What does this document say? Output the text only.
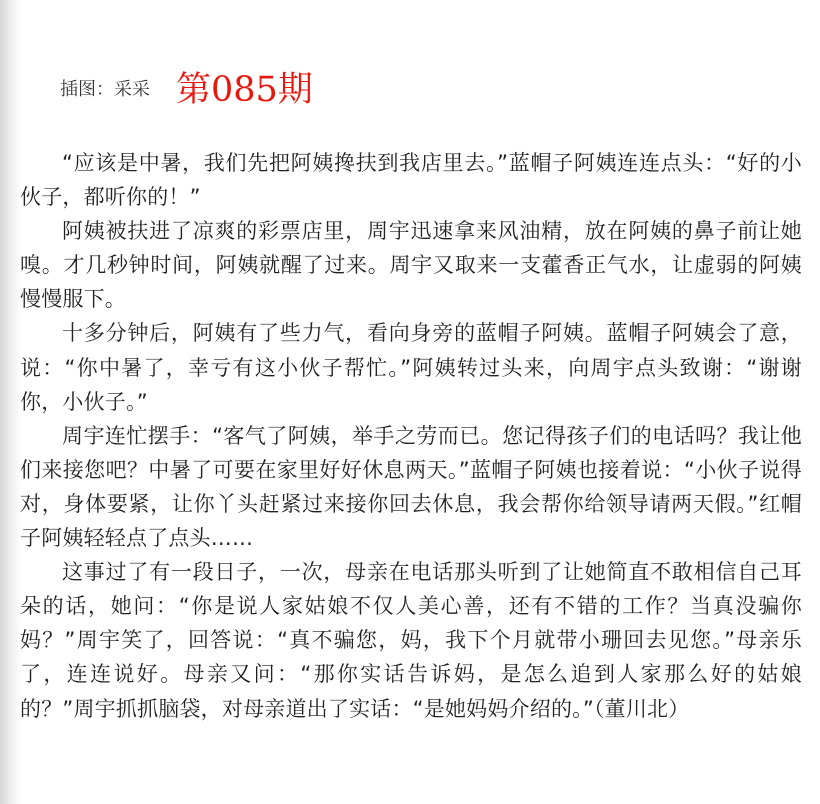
插图：采采 第085期

“应该是中暑，我们先把阿姨搀扶到我店里去。”蓝帽子阿姨连连点头：“好的小伙子，都听你的！”

阿姨被扶进了凉爽的彩票店里，周宇迅速拿来风油精，放在阿姨的鼻子前让她嗅。才几秒钟时间，阿姨就醒了过来。周宇又取来一支藿香正气水，让虚弱的阿姨慢慢服下。

十多分钟后，阿姨有了些力气，看向身旁的蓝帽子阿姨。蓝帽子阿姨会了意，说：“你中暑了，幸亏有这小伙子帮忙。”阿姨转过头来，向周宇点头致谢：“谢谢你，小伙子。”

周宇连忙摆手：“客气了阿姨，举手之劳而已。您记得孩子们的电话吗？我让他们来接您吧？中暑了可要在家里好好休息两天。”蓝帽子阿姨也接着说：“小伙子说得对，身体要紧，让你丫头赶紧过来接你回去休息，我会帮你给领导请两天假。”红帽子阿姨轻轻点了点头……

这事过了有一段日子，一次，母亲在电话那头听到了让她简直不敢相信自己耳朵的话，她问：“你是说人家姑娘不仅人美心善，还有不错的工作？当真没骗你妈？”周宇笑了，回答说：“真不骗您，妈，我下个月就带小珊回去见您。”母亲乐了，连连说好。母亲又问：“那你实话告诉妈，是怎么追到人家那么好的姑娘的？”周宇抓抓脑袋，对母亲道出了实话：“是她妈妈介绍的。”（董川北）
